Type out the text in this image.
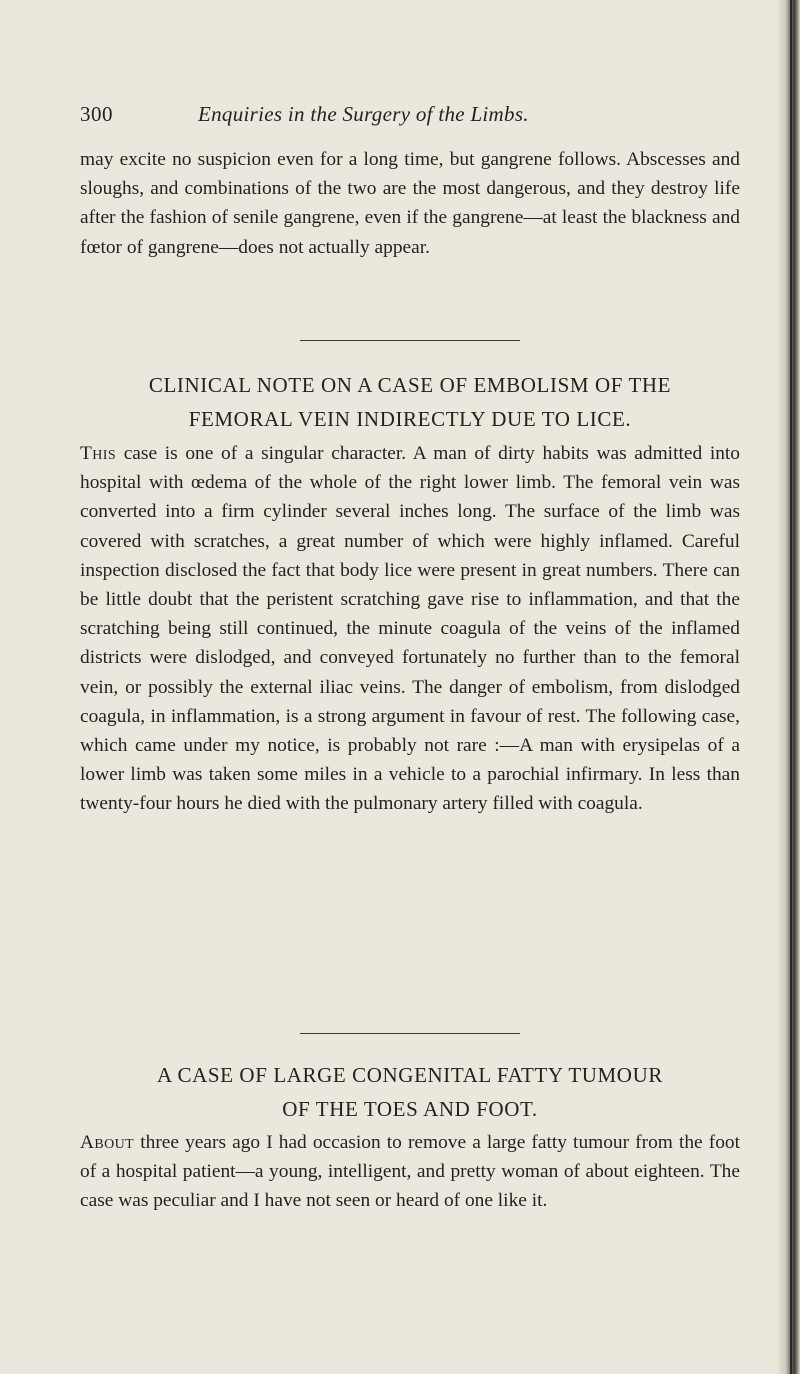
300	Enquiries in the Surgery of the Limbs.

may excite no suspicion even for a long time, but gangrene follows. Abscesses and sloughs, and combinations of the two are the most dangerous, and they destroy life after the fashion of senile gangrene, even if the gangrene—at least the blackness and fœtor of gangrene—does not actually appear.

CLINICAL NOTE ON A CASE OF EMBOLISM OF THE
FEMORAL VEIN INDIRECTLY DUE TO LICE.

This case is one of a singular character. A man of dirty habits was admitted into hospital with œdema of the whole of the right lower limb. The femoral vein was converted into a firm cylinder several inches long. The surface of the limb was covered with scratches, a great number of which were highly inflamed. Careful inspection disclosed the fact that body lice were present in great numbers. There can be little doubt that the peristent scratching gave rise to inflammation, and that the scratching being still continued, the minute coagula of the veins of the inflamed districts were dislodged, and conveyed fortunately no further than to the femoral vein, or possibly the external iliac veins. The danger of embolism, from dislodged coagula, in inflammation, is a strong argument in favour of rest. The following case, which came under my notice, is probably not rare :—A man with erysipelas of a lower limb was taken some miles in a vehicle to a parochial infirmary. In less than twenty-four hours he died with the pulmonary artery filled with coagula.

A CASE OF LARGE CONGENITAL FATTY TUMOUR
OF THE TOES AND FOOT.

About three years ago I had occasion to remove a large fatty tumour from the foot of a hospital patient—a young, intelligent, and pretty woman of about eighteen. The case was peculiar and I have not seen or heard of one like it.
